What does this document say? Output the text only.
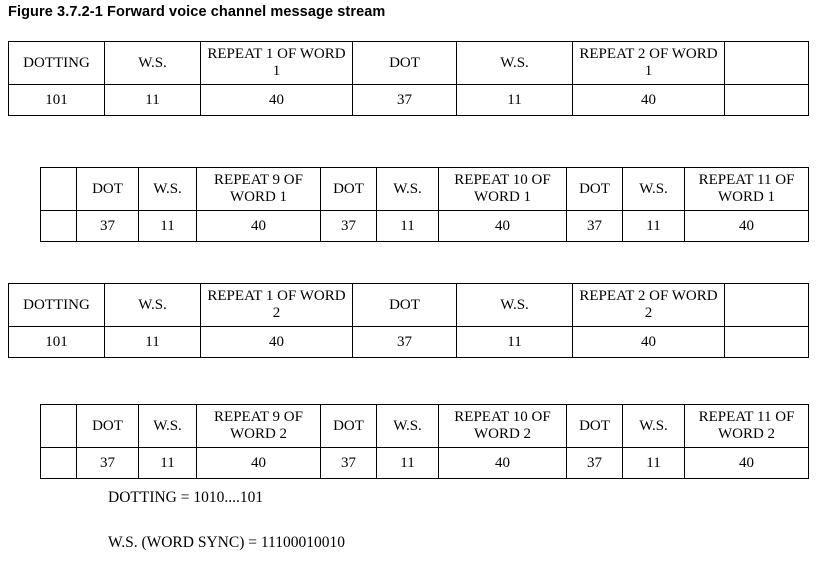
Figure 3.7.2-1 Forward voice channel message stream
DOTTING	W.S.	REPEAT 1 OF WORD 1	DOT	W.S.	REPEAT 2 OF WORD 1	
101	11	40	37	11	40	
	DOT	W.S.	REPEAT 9 OF WORD 1	DOT	W.S.	REPEAT 10 OF WORD 1	DOT	W.S.	REPEAT 11 OF WORD 1
	37	11	40	37	11	40	37	11	40
DOTTING	W.S.	REPEAT 1 OF WORD 2	DOT	W.S.	REPEAT 2 OF WORD 2	
101	11	40	37	11	40	
	DOT	W.S.	REPEAT 9 OF WORD 2	DOT	W.S.	REPEAT 10 OF WORD 2	DOT	W.S.	REPEAT 11 OF WORD 2
	37	11	40	37	11	40	37	11	40
DOTTING = 1010....101
W.S. (WORD SYNC) = 11100010010
